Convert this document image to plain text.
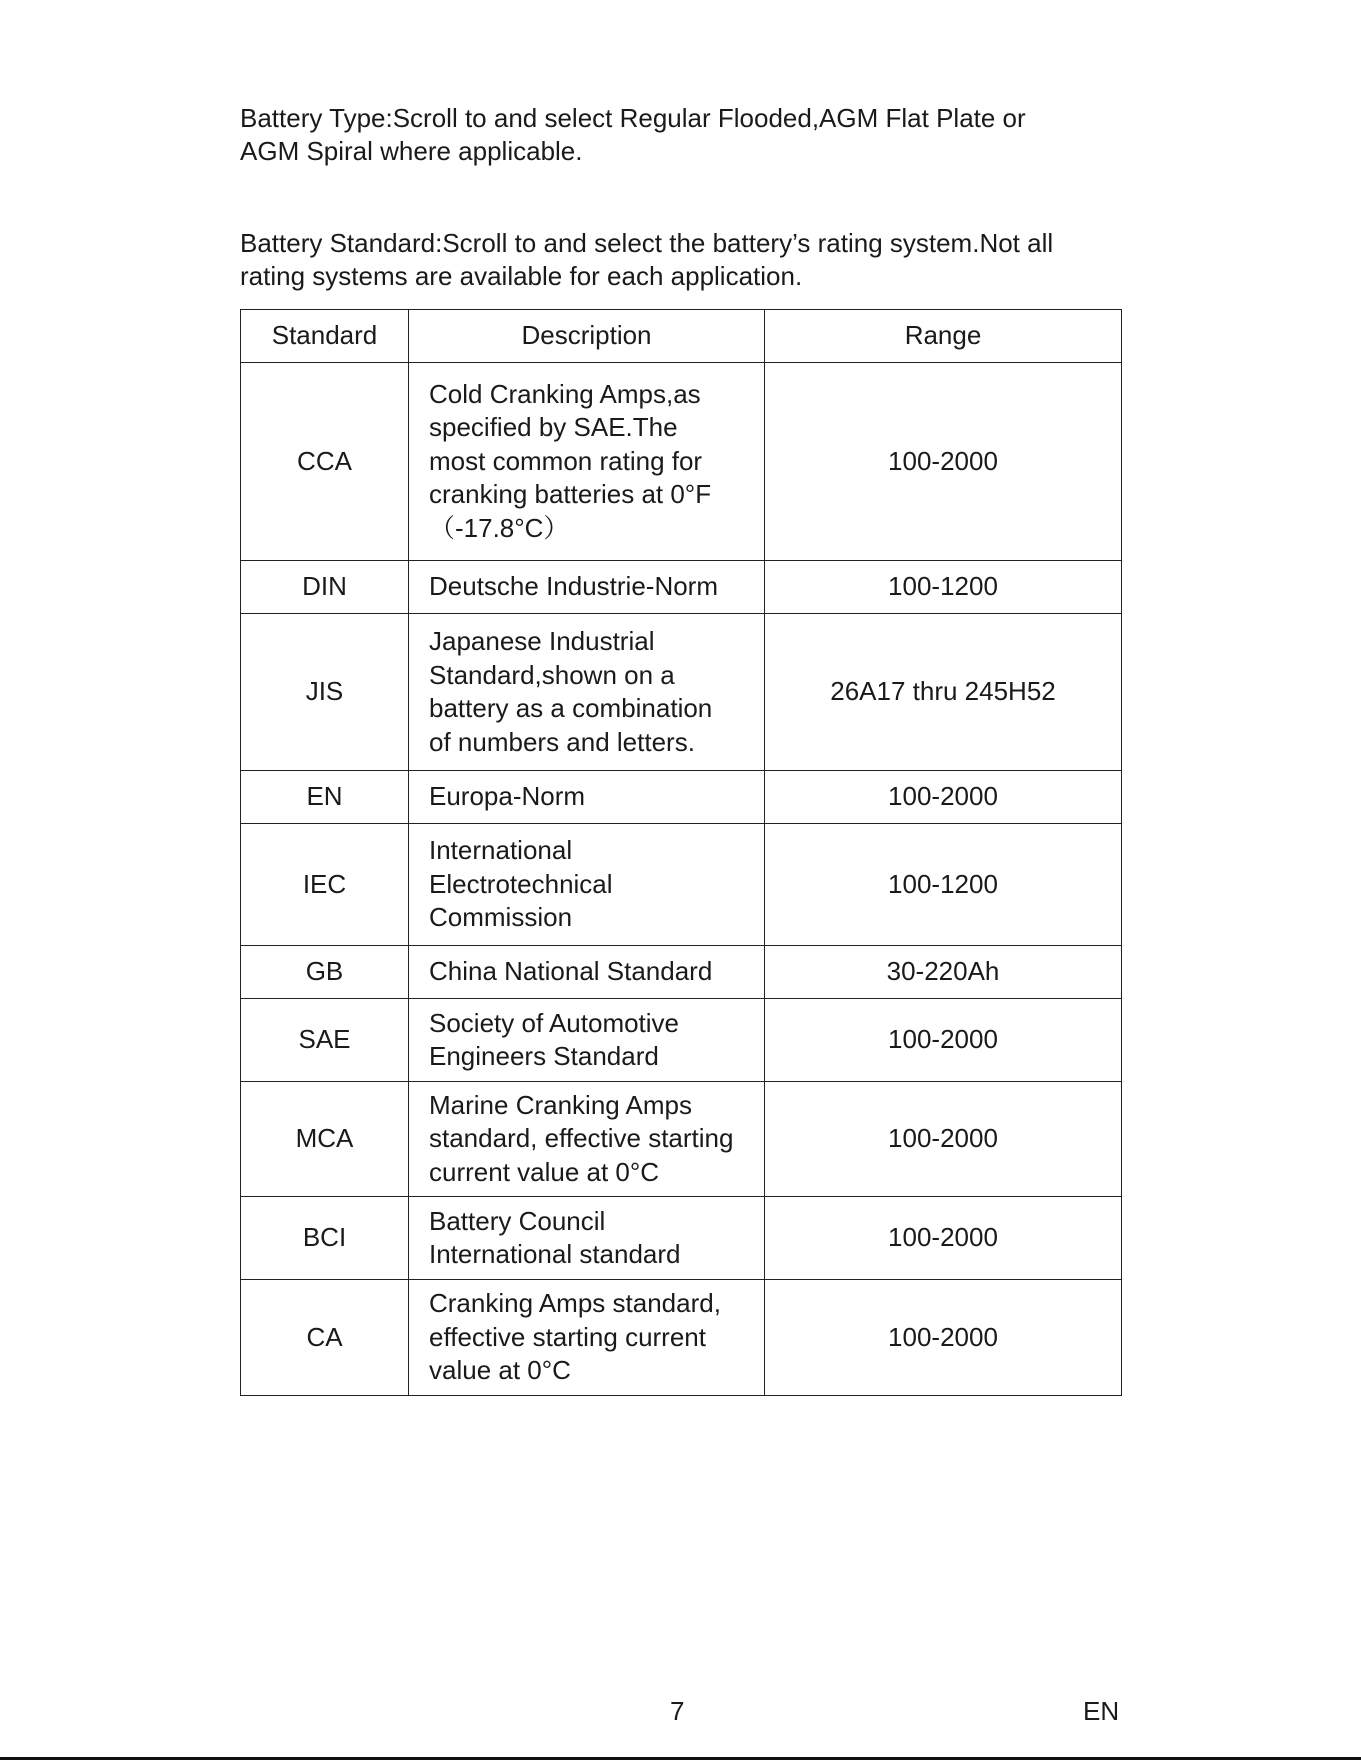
Battery Type:Scroll to and select Regular Flooded,AGM Flat Plate or
AGM Spiral where applicable.

Battery Standard:Scroll to and select the battery’s rating system.Not all
rating systems are available for each application.

Standard	Description	Range
CCA	Cold Cranking Amps,as
specified by SAE.The
most common rating for
cranking batteries at 0°F
（-17.8°C）	100-2000
DIN	Deutsche Industrie-Norm	100-1200
JIS	Japanese Industrial
Standard,shown on a
battery as a combination
of numbers and letters.	26A17 thru 245H52
EN	Europa-Norm	100-2000
IEC	International
Electrotechnical
Commission	100-1200
GB	China National Standard	30-220Ah
SAE	Society of Automotive
Engineers Standard	100-2000
MCA	Marine Cranking Amps
standard, effective starting
current value at 0°C	100-2000
BCI	Battery Council
International standard	100-2000
CA	Cranking Amps standard,
effective starting current
value at 0°C	100-2000
7	EN
